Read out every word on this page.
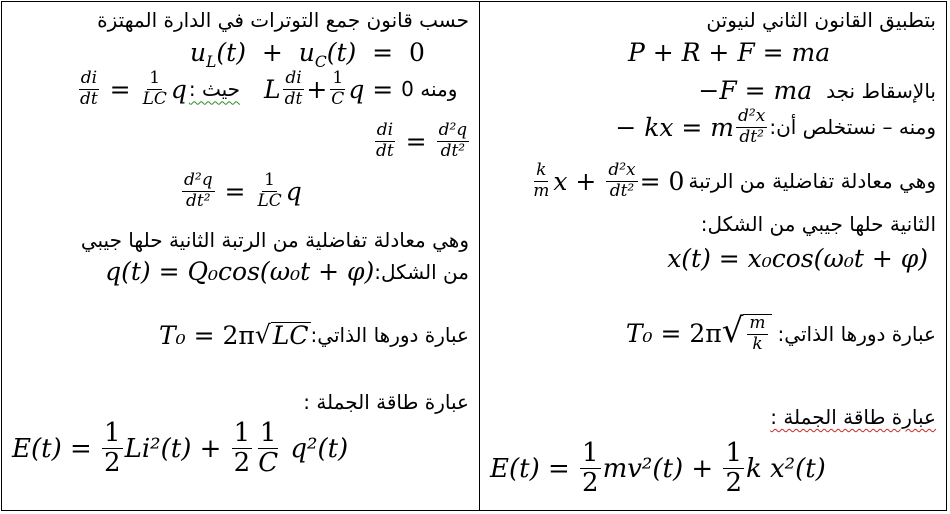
حسب قانون جمع التوترات في الدارة المهتزة
$u_L(t) + u_C(t) = 0$
$\frac{di}{dt} = \frac{1}{LC}$ q حيث : L $\frac{di}{dt} + \frac{1}{C}$ q = ومنه 0
$\frac{di}{dt} = \frac{\text{d²q}}{\text{dt²}}$
$\frac{\text{d²q}}{\text{dt²}} = \frac{1}{LC}$ q
وهي معادلة تفاضلية من الرتبة الثانية حلها جيبي
q(t) = Q₀cos(ω₀t + φ) من الشكل:
T₀ = 2π √ LC عبارة دورها الذاتي:
عبارة طاقة الجملة :
$E(t) = \frac{1}{2} Li^2(t) + \frac{1}{2} \frac{1}{C}$
q²(t)
بتطبيق القانون الثاني لنيوتن
P + R + F = ma
−F = ma بالإسقاط نجد
− kx = m $\frac{\text{d²x}}{\text{dt²}}$ ومنه – نستخلص أن:
$\frac{k}{m}$ $x + \frac{\text{d²x}}{\text{dt²}} = 0$ وهي معادلة تفاضلية من الرتبة
الثانية حلها جيبي من الشكل:
x(t) = x₀cos(ω₀t + φ)
T₀ = 2π √ $\frac{m}{k}$ عبارة دورها الذاتي:
عبارة طاقة الجملة :
$E(t) = \frac{1}{2} mv^2(t) + \frac{1}{2}$ k x²(t)
